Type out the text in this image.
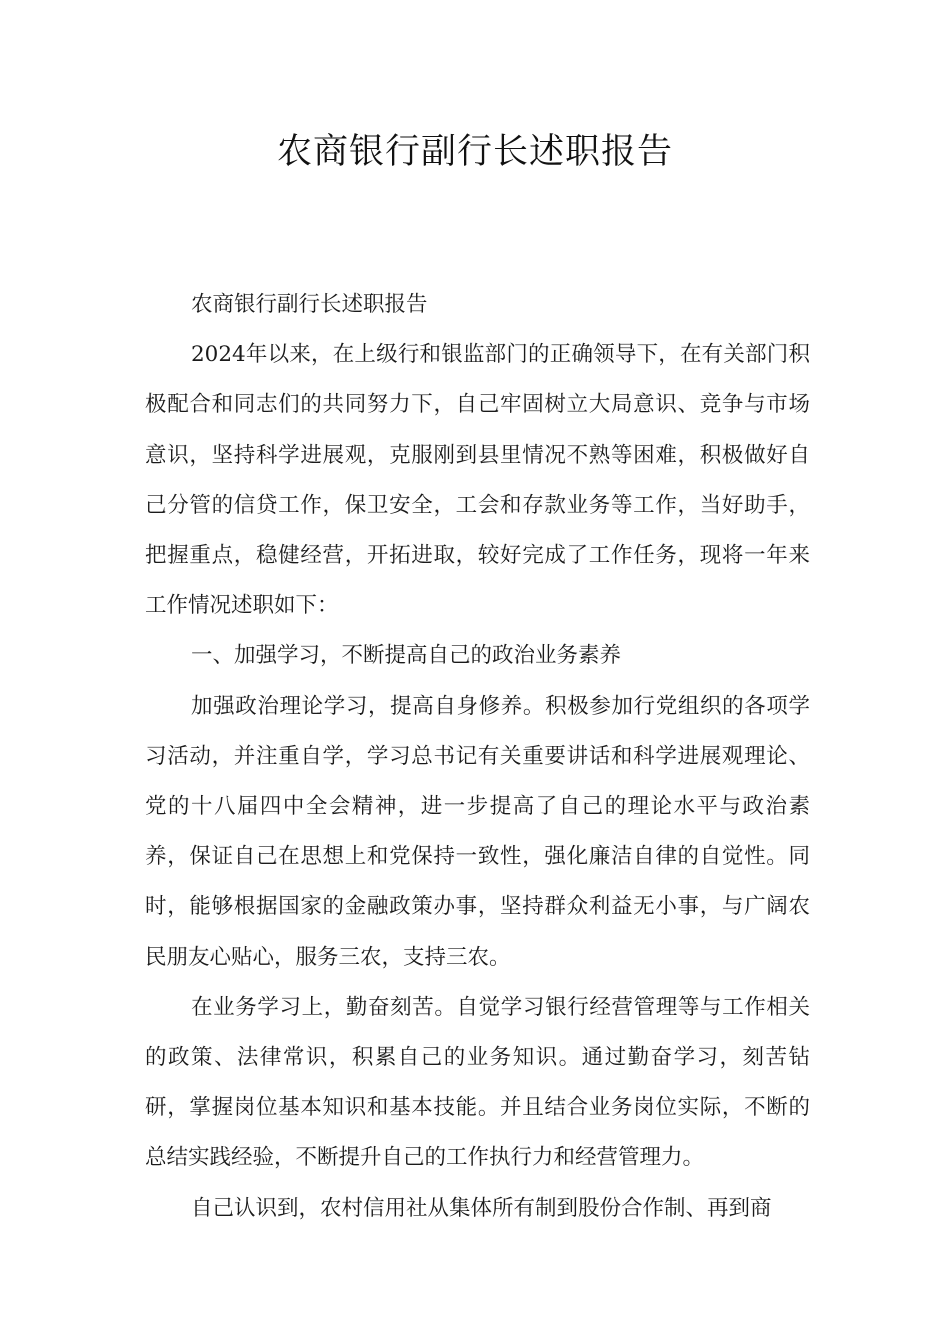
农商银行副行长述职报告

农商银行副行长述职报告

2024年以来，在上级行和银监部门的正确领导下，在有关部门积极配合和同志们的共同努力下，自己牢固树立大局意识、竞争与市场意识，坚持科学进展观，克服刚到县里情况不熟等困难，积极做好自己分管的信贷工作，保卫安全，工会和存款业务等工作，当好助手，把握重点，稳健经营，开拓进取，较好完成了工作任务，现将一年来工作情况述职如下：

一、加强学习，不断提高自己的政治业务素养

加强政治理论学习，提高自身修养。积极参加行党组织的各项学习活动，并注重自学，学习总书记有关重要讲话和科学进展观理论、党的十八届四中全会精神，进一步提高了自己的理论水平与政治素养，保证自己在思想上和党保持一致性，强化廉洁自律的自觉性。同时，能够根据国家的金融政策办事，坚持群众利益无小事，与广阔农民朋友心贴心，服务三农，支持三农。

在业务学习上，勤奋刻苦。自觉学习银行经营管理等与工作相关的政策、法律常识，积累自己的业务知识。通过勤奋学习，刻苦钻研，掌握岗位基本知识和基本技能。并且结合业务岗位实际，不断的总结实践经验，不断提升自己的工作执行力和经营管理力。

自己认识到，农村信用社从集体所有制到股份合作制、再到商
